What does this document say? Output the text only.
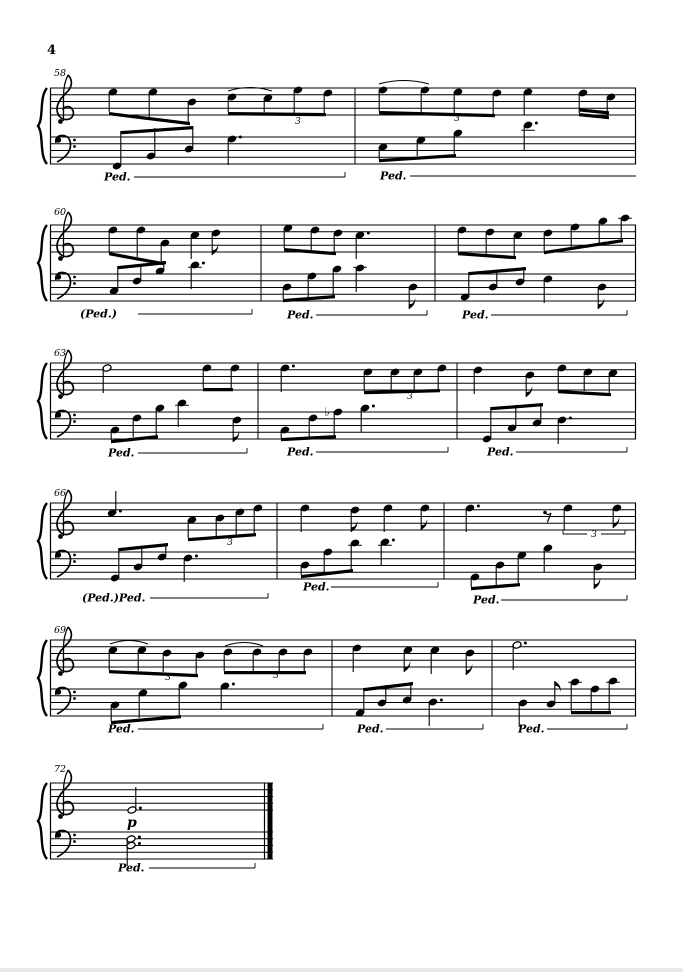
4
p
58
3	3
Ped.	Ped.
60
(Ped.)	Ped.	Ped.
63
3
♭
Ped.	Ped.	Ped.
66
3
3
(Ped.)Ped.
Ped.
Ped.
69
3	3
Ped.	Ped.	Ped.
72
Ped.
